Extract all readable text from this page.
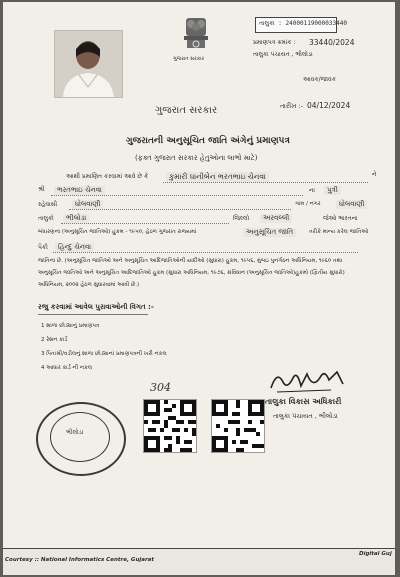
ગુજરાત સરકાર
તાલુકા : 24000119000033440
પ્રમાણપત્ર ક્રમાંક : 33440/2024
તાલુકા પંચાયત , ભીલોડા
આવક/જાવક
તારીખ :- 04/12/2024
ગુજરાત સરકાર
ગુજરાતની અનુસૂચિત જાતિ અંગેનું પ્રમાણપત્ર
(ફક્ત ગુજરાત સરકાર હેતુઓના લાભો માટે)
આથી પ્રમાણિત કરવામાં આવે છે કે	કુમારી ધાનીબેન ભરતભાઇ ચેનવા	ને
શ્રી	ભરતભાઇ ચેનવા	ના	પુત્રી
રહેવાસી	ધોલવાણી	ગામ / નગર	ધોલવાણી
તાલુકો	ભીલોડા	જિલ્લો	અરવલ્લી	જેઓ ભારતના
બંધારણના (અનુસૂચિત જાતિઓ) હુકમ - ૧૯૫૦, હેઠળ ગુજરાત રાજ્યમાં	અનુસૂચિત જાતિ	તરીકે માન્ય કરેલ જાતિઓ
પૈકી	હિન્દુ ચેનવા
જાતિના છે. (અનુસૂચિત જાતિઓ અને અનુસૂચિત આદિજાતિઓની યાદીઓ (સુધારા) હુકમ, ૧૯૫૬, મુંબઇ પુનર્ગઠન અધિનિયમ, ૧૯૬૦ તથા
અનુસૂચિત જાતિઓ અને અનુસૂચિત આદિજાતિઓ હુકમ (સુધારા અધિનિયમ, ૧૯૭૬, સંવિધાન (અનુસૂચિત જાતિઓ)હુકમો (દ્વિતીય સુધારો)
અધિનિયમ, ૨૦૦૨ હેઠળ સુધારવામાં આવી છે.)
રજુ કરવામાં આવેલ પુરાવાઓની વિગત :-
1 શાળા છોડ્યાનું પ્રમાણપત્ર
2 રેશન કાર્ડ
3 પિતાશ્રી/વડીલનું શાળા છોડ્યાનાં પ્રમાણપત્રની ખરી નકલ
4 આધાર કાર્ડ ની નકલ
304
ભીલોડા
તાલુકા વિકાસ અધિકારી
તાલુકા પંચાયત , ભીલોડા
Courtesy :: National Informatics Centre, Gujarat
Digital Guj
